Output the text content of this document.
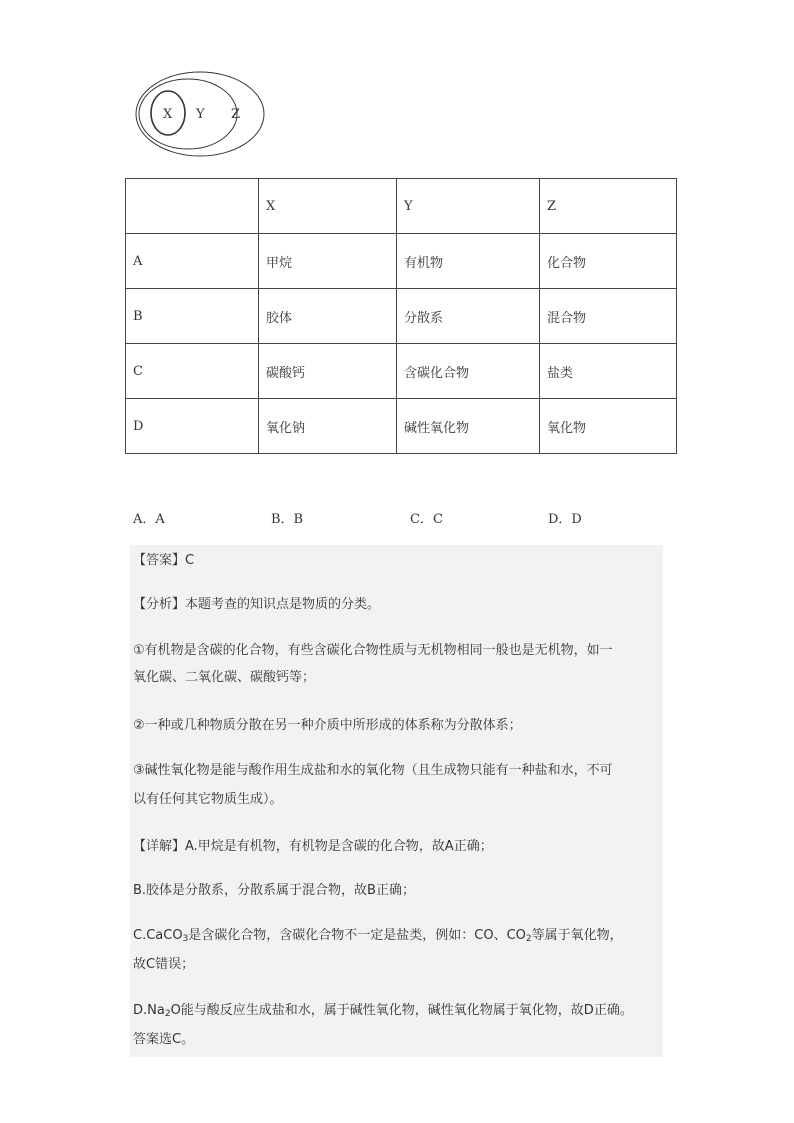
X Y Z
	X	Y	Z
A	甲烷	有机物	化合物
B	胶体	分散系	混合物
C	碳酸钙	含碳化合物	盐类
D	氧化钠	碱性氧化物	氧化物
A．A	B．B	C．C	D．D
【答案】C
【分析】本题考查的知识点是物质的分类。
①有机物是含碳的化合物，有些含碳化合物性质与无机物相同一般也是无机物，如一
氧化碳、二氧化碳、碳酸钙等；
②一种或几种物质分散在另一种介质中所形成的体系称为分散体系；
③碱性氧化物是能与酸作用生成盐和水的氧化物（且生成物只能有一种盐和水，不可
以有任何其它物质生成）。
【详解】A.甲烷是有机物，有机物是含碳的化合物，故A正确；
B.胶体是分散系，分散系属于混合物，故B正确；
C.CaCO$_3$是含碳化合物，含碳化合物不一定是盐类，例如：CO、$CO_2$等属于氧化物，
故C错误；
$D.Na_2O$能与酸反应生成盐和水，属于碱性氧化物，碱性氧化物属于氧化物，故D正确。
答案选C。
